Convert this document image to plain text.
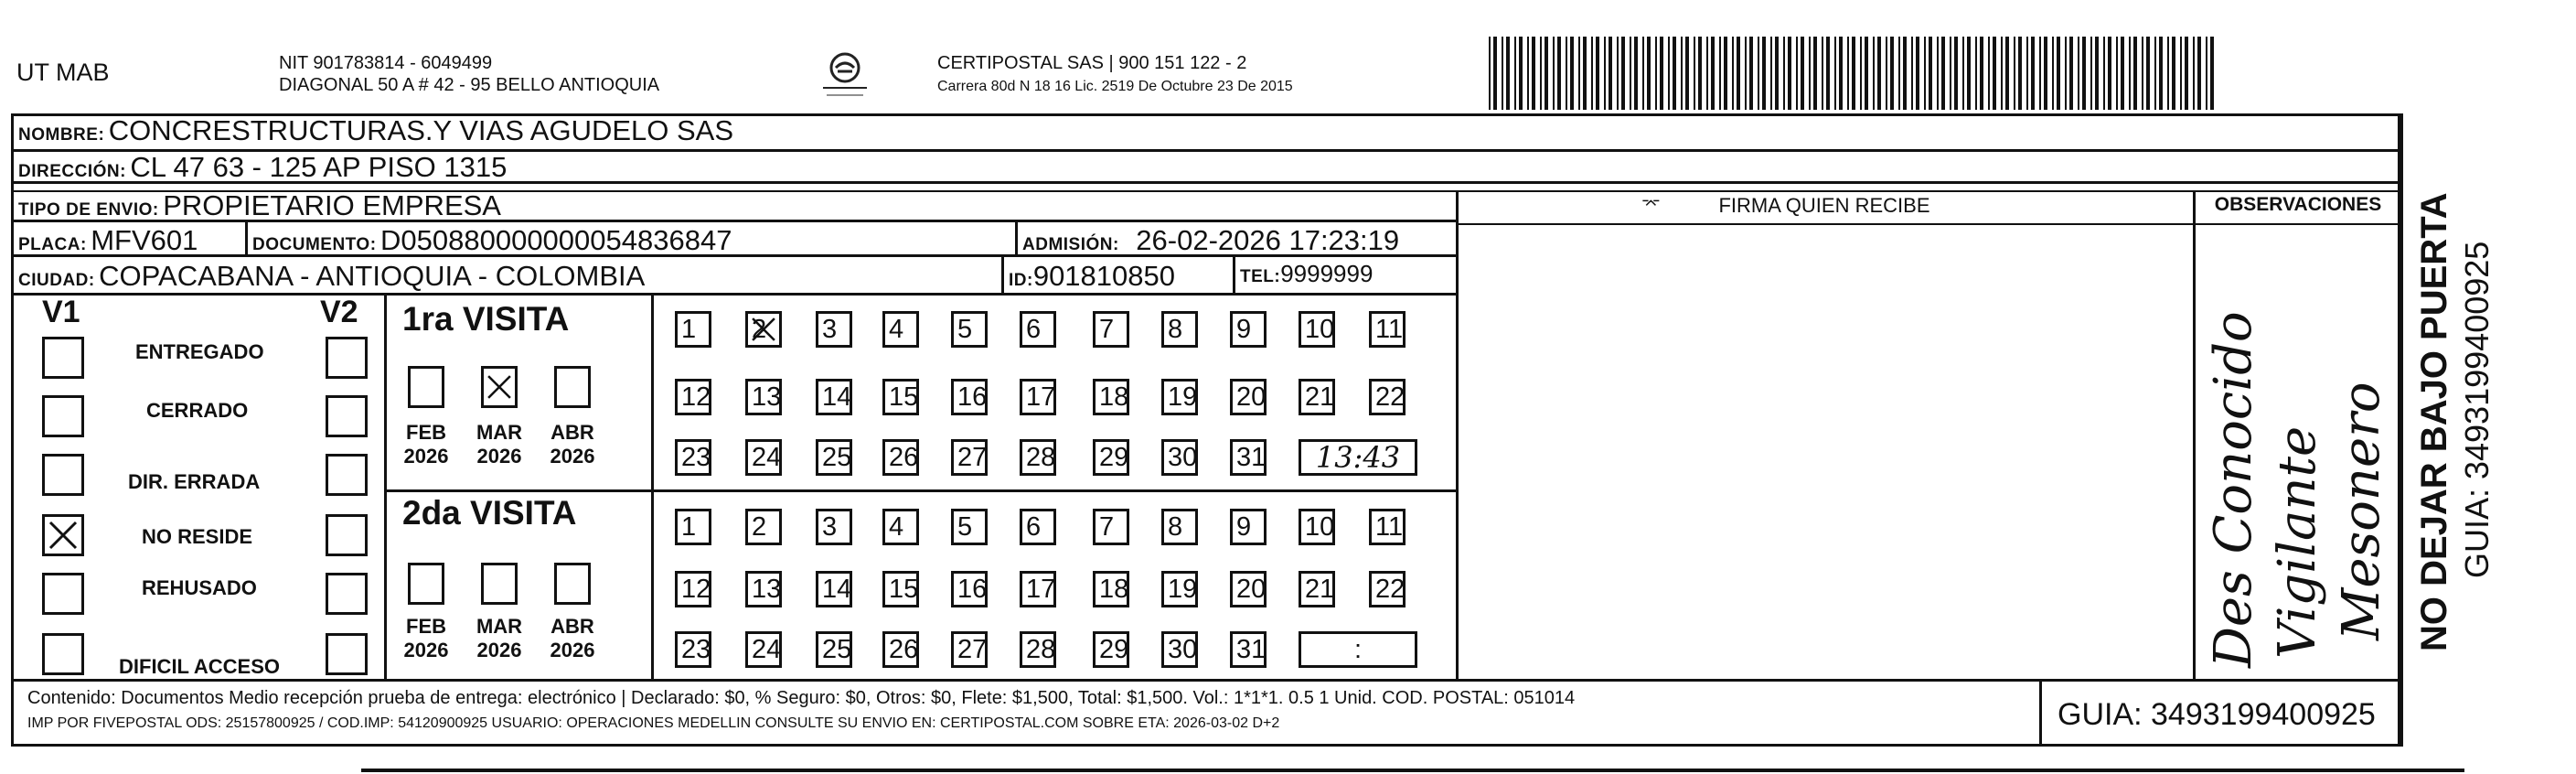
UT MAB	NIT 901783814 - 6049499
DIAGONAL 50 A # 42 - 95 BELLO ANTIOQUIA
CERTIPOSTAL SAS | 900 151 122 - 2
Carrera 80d N 18 16 Lic. 2519 De Octubre 23 De 2015
NOMBRE: CONCRESTRUCTURAS.Y VIAS AGUDELO SAS
DIRECCIÓN: CL 47 63 - 125 AP PISO 1315
TIPO DE ENVIO: PROPIETARIO EMPRESA
PLACA: MFV601	DOCUMENTO: D050880000000054836847	ADMISIÓN: 26-02-2026 17:23:19
CIUDAD: COPACABANA - ANTIOQUIA - COLOMBIA	ID:901810850	TEL:9999999
FIRMA QUIEN RECIBE
⌤	OBSERVACIONES
Des Conocido Vigilante Mesonero
V1	V2
ENTREGADO
CERRADO
DIR. ERRADA
NO RESIDE
REHUSADO
DIFICIL ACCESO
1ra VISITA
2da VISITA
FEB
2026
MAR
2026
ABR
2026
FEB
2026
MAR
2026
ABR
2026
1	2	3	4	5	6	7	8	9	10 11
12 13 14 15 16 17 18 19 20 21 22
23 24 25 26 27 28 29 30 31	13:43
1	2	3	4	5	6	7	8	9	10 11
12 13 14 15 16 17 18 19 20 21 22
23 24 25 26 27 28 29 30 31	:
Contenido: Documentos Medio recepción prueba de entrega: electrónico | Declarado: $0, % Seguro: $0, Otros: $0, Flete: $1,500, Total: $1,500. Vol.: 1*1*1. 0.5 1 Unid. COD. POSTAL: 051014
IMP POR FIVEPOSTAL ODS: 25157800925 / COD.IMP: 54120900925 USUARIO: OPERACIONES MEDELLIN CONSULTE SU ENVIO EN: CERTIPOSTAL.COM SOBRE ETA: 2026-03-02 D+2	GUIA: 3493199400925
NO DEJAR BAJO PUERTA GUIA: 3493199400925
